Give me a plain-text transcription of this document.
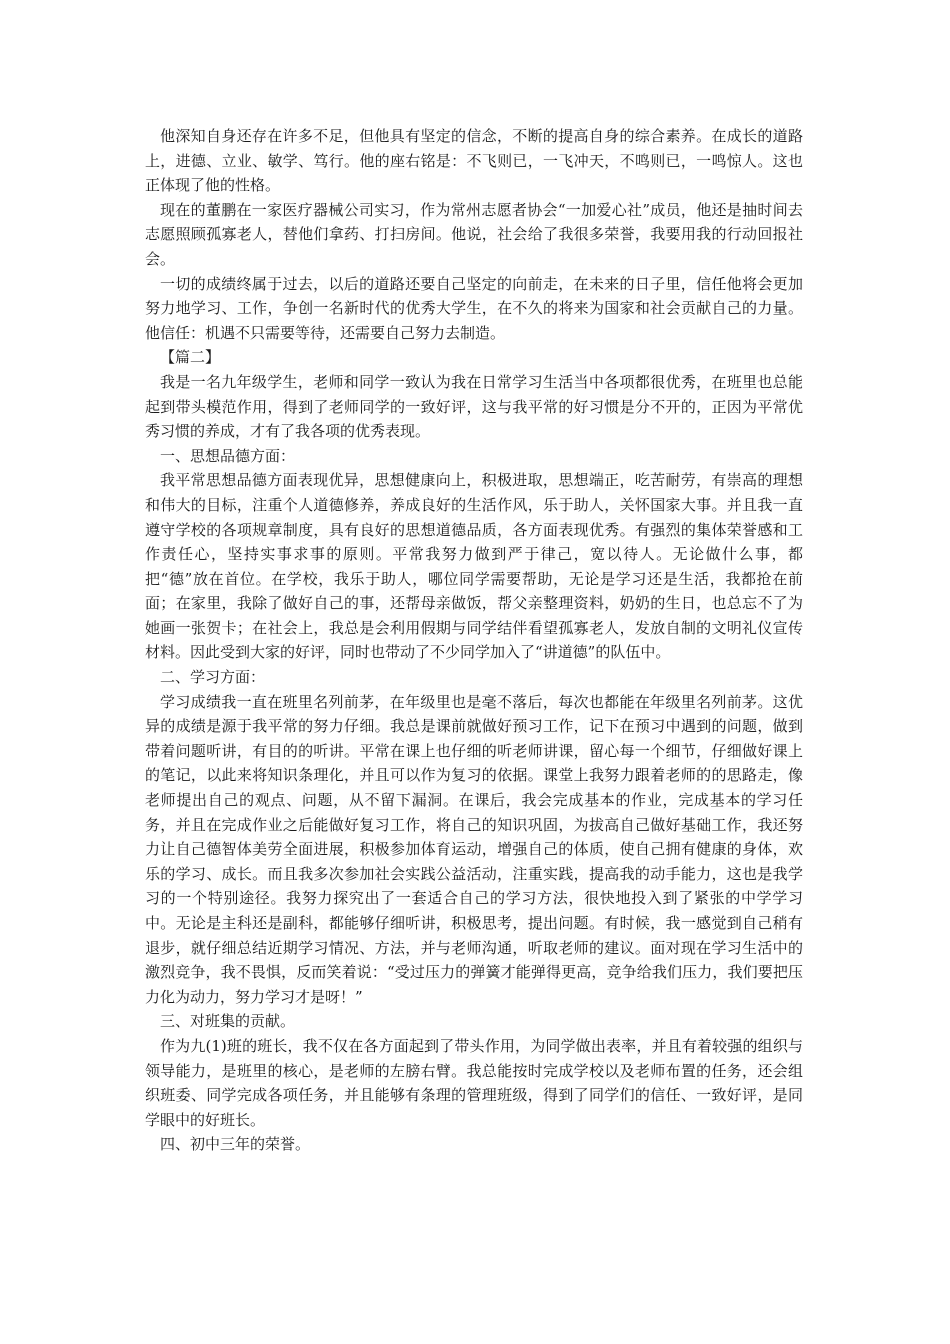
他深知自身还存在许多不足，但他具有坚定的信念，不断的提高自身的综合素养。在成长的道路上，进德、立业、敏学、笃行。他的座右铭是：不飞则已，一飞冲天，不鸣则已，一鸣惊人。这也正体现了他的性格。

现在的董鹏在一家医疗器械公司实习，作为常州志愿者协会“一加爱心社”成员，他还是抽时间去志愿照顾孤寡老人，替他们拿药、打扫房间。他说，社会给了我很多荣誉，我要用我的行动回报社会。

一切的成绩终属于过去，以后的道路还要自己坚定的向前走，在未来的日子里，信任他将会更加努力地学习、工作，争创一名新时代的优秀大学生，在不久的将来为国家和社会贡献自己的力量。他信任：机遇不只需要等待，还需要自己努力去制造。

【篇二】

我是一名九年级学生，老师和同学一致认为我在日常学习生活当中各项都很优秀，在班里也总能起到带头模范作用，得到了老师同学的一致好评，这与我平常的好习惯是分不开的，正因为平常优秀习惯的养成，才有了我各项的优秀表现。

一、思想品德方面：

我平常思想品德方面表现优异，思想健康向上，积极进取，思想端正，吃苦耐劳，有崇高的理想和伟大的目标，注重个人道德修养，养成良好的生活作风，乐于助人，关怀国家大事。并且我一直遵守学校的各项规章制度，具有良好的思想道德品质，各方面表现优秀。有强烈的集体荣誉感和工作责任心，坚持实事求事的原则。平常我努力做到严于律己，宽以待人。无论做什么事，都把“德”放在首位。在学校，我乐于助人，哪位同学需要帮助，无论是学习还是生活，我都抢在前面；在家里，我除了做好自己的事，还帮母亲做饭，帮父亲整理资料，奶奶的生日，也总忘不了为她画一张贺卡；在社会上，我总是会利用假期与同学结伴看望孤寡老人，发放自制的文明礼仪宣传材料。因此受到大家的好评，同时也带动了不少同学加入了“讲道德”的队伍中。

二、学习方面：

学习成绩我一直在班里名列前茅，在年级里也是毫不落后，每次也都能在年级里名列前茅。这优异的成绩是源于我平常的努力仔细。我总是课前就做好预习工作，记下在预习中遇到的问题，做到带着问题听讲，有目的的听讲。平常在课上也仔细的听老师讲课，留心每一个细节，仔细做好课上的笔记，以此来将知识条理化，并且可以作为复习的依据。课堂上我努力跟着老师的的思路走，像老师提出自己的观点、问题，从不留下漏洞。在课后，我会完成基本的作业，完成基本的学习任务，并且在完成作业之后能做好复习工作，将自己的知识巩固，为拔高自己做好基础工作，我还努力让自己德智体美劳全面进展，积极参加体育运动，增强自己的体质，使自己拥有健康的身体，欢乐的学习、成长。而且我多次参加社会实践公益活动，注重实践，提高我的动手能力，这也是我学习的一个特别途径。我努力探究出了一套适合自己的学习方法，很快地投入到了紧张的中学学习中。无论是主科还是副科，都能够仔细听讲，积极思考，提出问题。有时候，我一感觉到自己稍有退步，就仔细总结近期学习情况、方法，并与老师沟通，听取老师的建议。面对现在学习生活中的激烈竞争，我不畏惧，反而笑着说：“受过压力的弹簧才能弹得更高，竞争给我们压力，我们要把压力化为动力，努力学习才是呀！”

三、对班集的贡献。

作为九(1)班的班长，我不仅在各方面起到了带头作用，为同学做出表率，并且有着较强的组织与领导能力，是班里的核心，是老师的左膀右臂。我总能按时完成学校以及老师布置的任务，还会组织班委、同学完成各项任务，并且能够有条理的管理班级，得到了同学们的信任、一致好评，是同学眼中的好班长。

四、初中三年的荣誉。
